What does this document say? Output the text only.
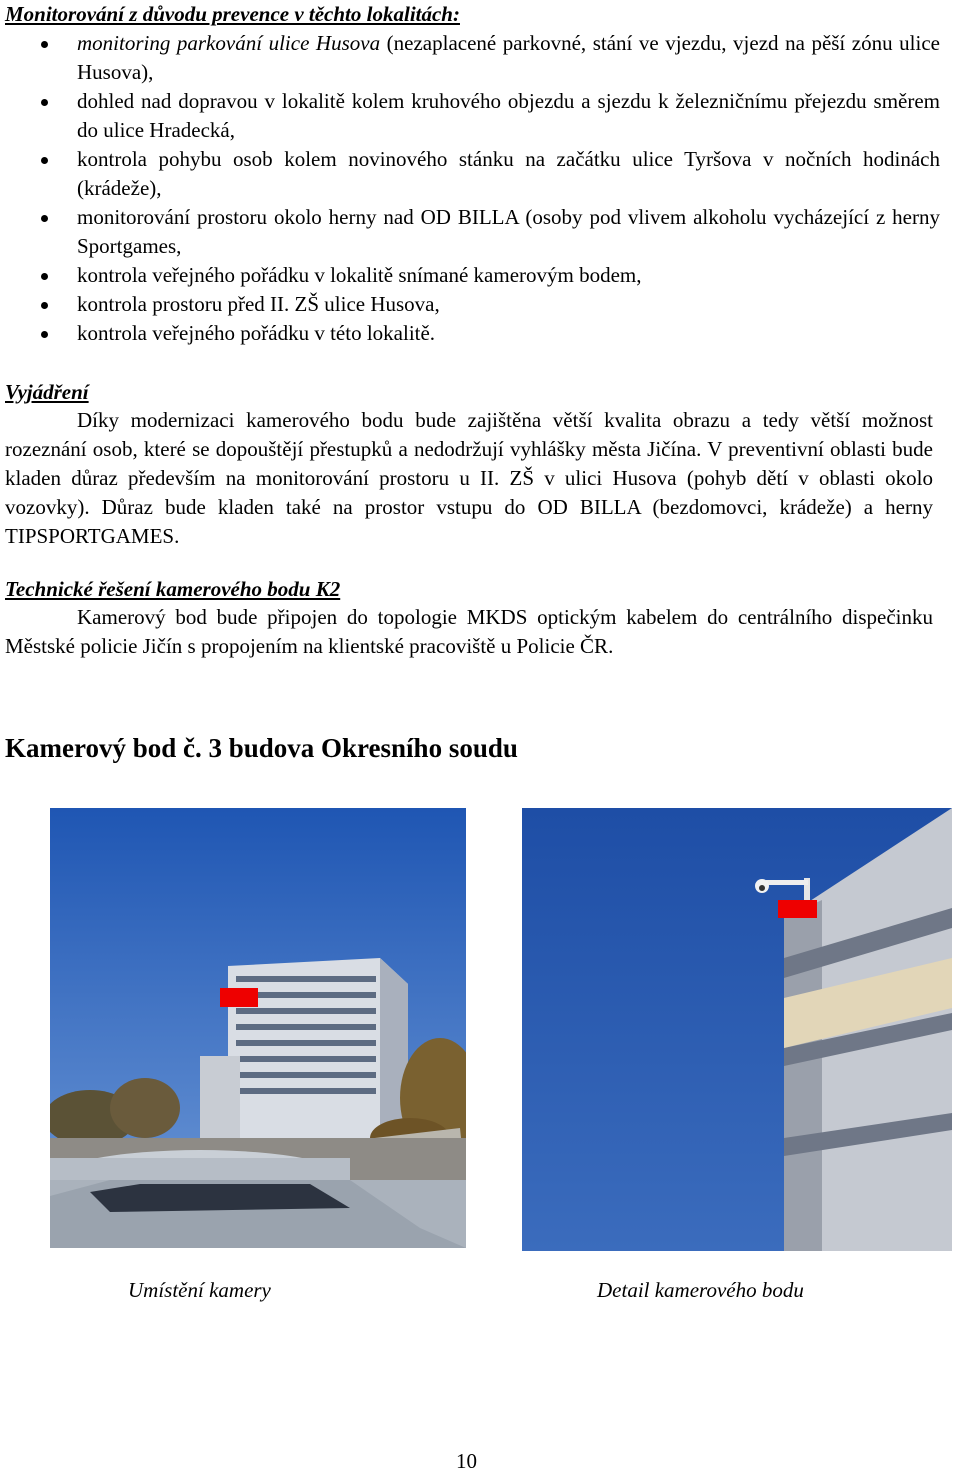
Monitorování z důvodu prevence v těchto lokalitách:
monitoring parkování ulice Husova (nezaplacené parkovné, stání ve vjezdu, vjezd na pěší zónu ulice Husova),
dohled nad dopravou v lokalitě kolem kruhového objezdu a sjezdu k železničnímu přejezdu směrem do ulice Hradecká,
kontrola pohybu osob kolem novinového stánku na začátku ulice Tyršova v nočních hodinách (krádeže),
monitorování prostoru okolo herny nad OD BILLA (osoby pod vlivem alkoholu vycházející z herny Sportgames,
kontrola veřejného pořádku v lokalitě snímané kamerovým bodem,
kontrola prostoru před II. ZŠ ulice Husova,
kontrola veřejného pořádku v této lokalitě.
Vyjádření
Díky modernizaci kamerového bodu bude zajištěna větší kvalita obrazu a tedy větší možnost rozeznání osob, které se dopouštějí přestupků a nedodržují vyhlášky města Jičína. V preventivní oblasti bude kladen důraz především na monitorování prostoru u II. ZŠ v ulici Husova (pohyb dětí v oblasti okolo vozovky). Důraz bude kladen také na prostor vstupu do OD BILLA (bezdomovci, krádeže) a herny TIPSPORTGAMES.
Technické řešení kamerového bodu K2
Kamerový bod bude připojen do topologie MKDS optickým kabelem do centrálního dispečinku Městské policie Jičín s propojením na klientské pracoviště u Policie ČR.
Kamerový bod č. 3 budova Okresního soudu
Umístění kamery	Detail kamerového bodu
10
